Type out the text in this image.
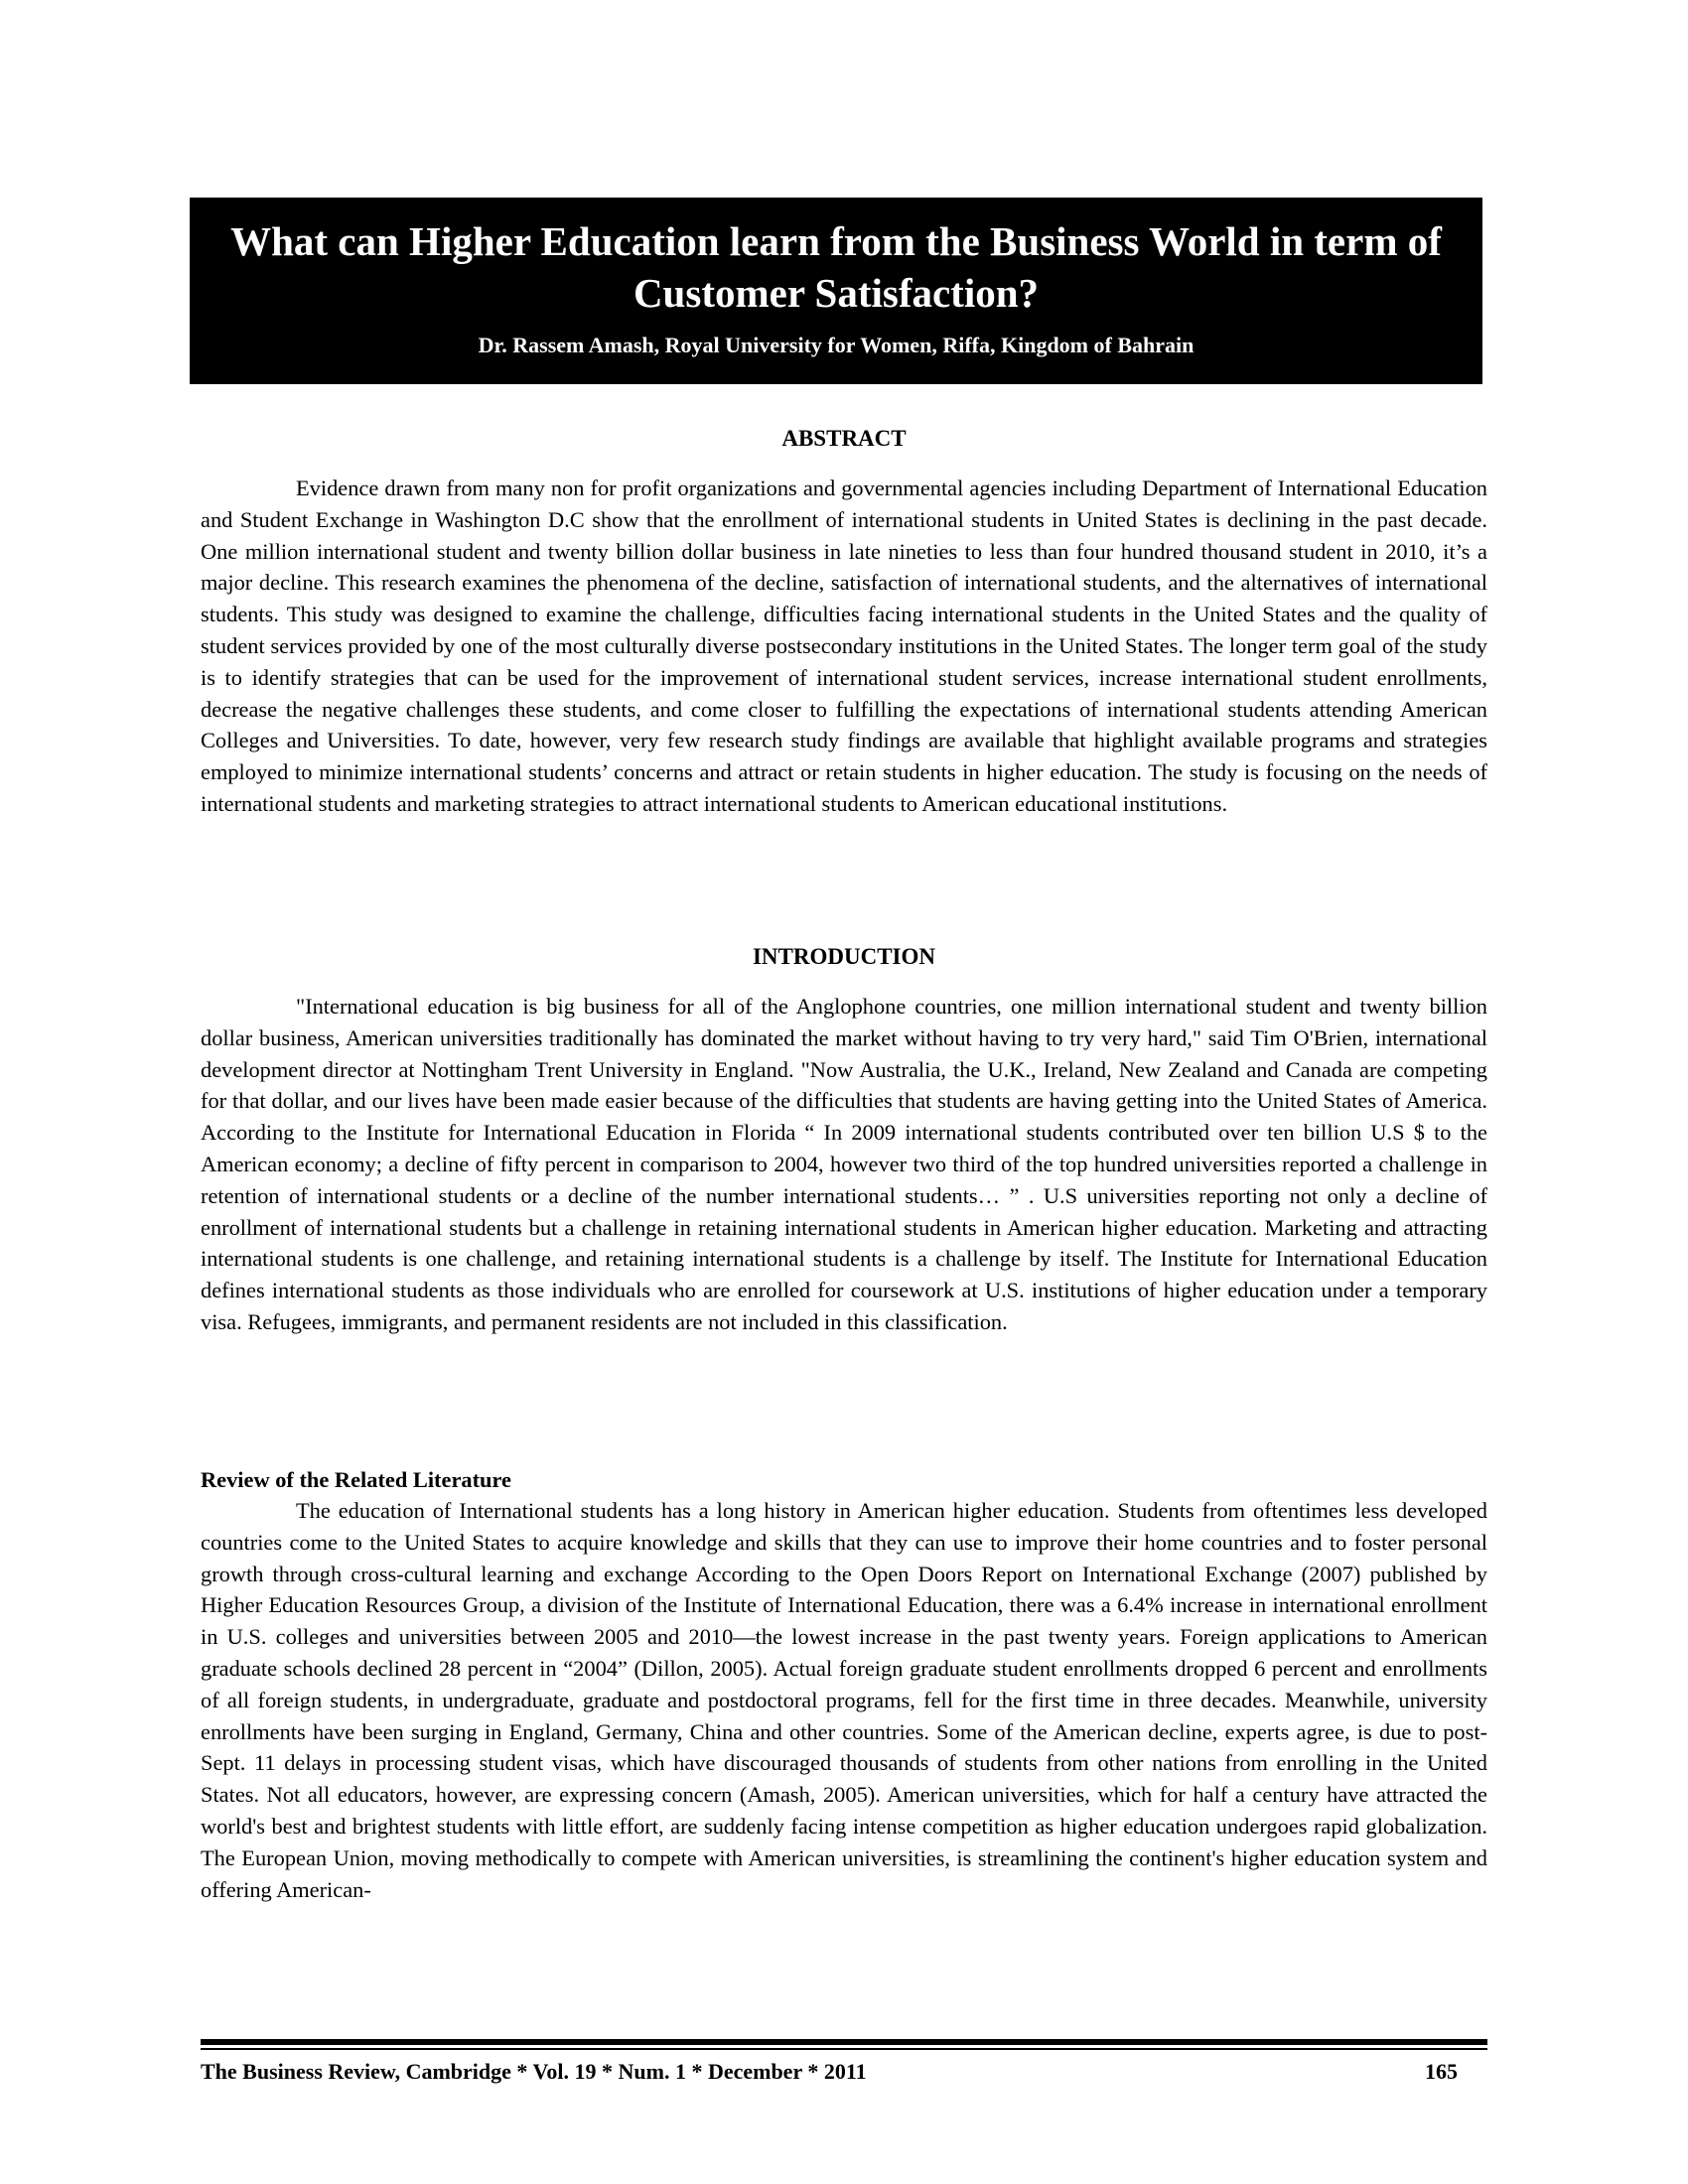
What can Higher Education learn from the Business World in term of Customer Satisfaction?
Dr. Rassem Amash, Royal University for Women, Riffa, Kingdom of Bahrain

ABSTRACT

Evidence drawn from many non for profit organizations and governmental agencies including Department of International Education and Student Exchange in Washington D.C show that the enrollment of international students in United States is declining in the past decade. One million international student and twenty billion dollar business in late nineties to less than four hundred thousand student in 2010, it’s a major decline. This research examines the phenomena of the decline, satisfaction of international students, and the alternatives of international students. This study was designed to examine the challenge, difficulties facing international students in the United States and the quality of student services provided by one of the most culturally diverse postsecondary institutions in the United States. The longer term goal of the study is to identify strategies that can be used for the improvement of international student services, increase international student enrollments, decrease the negative challenges these students, and come closer to fulfilling the expectations of international students attending American Colleges and Universities. To date, however, very few research study findings are available that highlight available programs and strategies employed to minimize international students’ concerns and attract or retain students in higher education. The study is focusing on the needs of international students and marketing strategies to attract international students to American educational institutions.

INTRODUCTION

"International education is big business for all of the Anglophone countries, one million international student and twenty billion dollar business, American universities traditionally has dominated the market without having to try very hard," said Tim O'Brien, international development director at Nottingham Trent University in England. "Now Australia, the U.K., Ireland, New Zealand and Canada are competing for that dollar, and our lives have been made easier because of the difficulties that students are having getting into the United States of America. According to the Institute for International Education in Florida “ In 2009 international students contributed over ten billion U.S $ to the American economy; a decline of fifty percent in comparison to 2004, however two third of the top hundred universities reported a challenge in retention of international students or a decline of the number international students… ” . U.S universities reporting not only a decline of enrollment of international students but a challenge in retaining international students in American higher education. Marketing and attracting international students is one challenge, and retaining international students is a challenge by itself. The Institute for International Education defines international students as those individuals who are enrolled for coursework at U.S. institutions of higher education under a temporary visa. Refugees, immigrants, and permanent residents are not included in this classification.

Review of the Related Literature

The education of International students has a long history in American higher education. Students from oftentimes less developed countries come to the United States to acquire knowledge and skills that they can use to improve their home countries and to foster personal growth through cross-cultural learning and exchange According to the Open Doors Report on International Exchange (2007) published by Higher Education Resources Group, a division of the Institute of International Education, there was a 6.4% increase in international enrollment in U.S. colleges and universities between 2005 and 2010—the lowest increase in the past twenty years. Foreign applications to American graduate schools declined 28 percent in “2004” (Dillon, 2005). Actual foreign graduate student enrollments dropped 6 percent and enrollments of all foreign students, in undergraduate, graduate and postdoctoral programs, fell for the first time in three decades. Meanwhile, university enrollments have been surging in England, Germany, China and other countries. Some of the American decline, experts agree, is due to post-Sept. 11 delays in processing student visas, which have discouraged thousands of students from other nations from enrolling in the United States. Not all educators, however, are expressing concern (Amash, 2005). American universities, which for half a century have attracted the world's best and brightest students with little effort, are suddenly facing intense competition as higher education undergoes rapid globalization. The European Union, moving methodically to compete with American universities, is streamlining the continent's higher education system and offering American-

The Business Review, Cambridge * Vol. 19 * Num. 1 * December * 2011	165
